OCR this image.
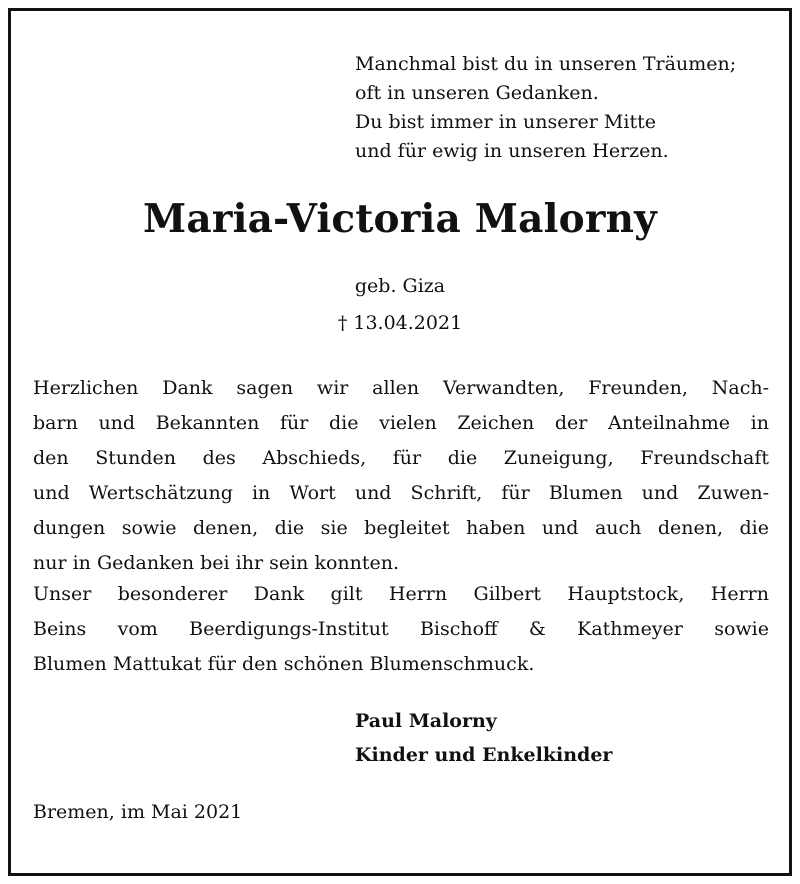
Manchmal bist du in unseren Träumen;
oft in unseren Gedanken.
Du bist immer in unserer Mitte
und für ewig in unseren Herzen.
Maria-Victoria Malorny
geb. Giza
† 13.04.2021
Herzlichen Dank sagen wir allen Verwandten, Freunden, Nach-
barn und Bekannten für die vielen Zeichen der Anteilnahme in
den Stunden des Abschieds, für die Zuneigung, Freundschaft
und Wertschätzung in Wort und Schrift, für Blumen und Zuwen-
dungen sowie denen, die sie begleitet haben und auch denen, die
nur in Gedanken bei ihr sein konnten.
Unser besonderer Dank gilt Herrn Gilbert Hauptstock, Herrn
Beins vom Beerdigungs-Institut Bischoff & Kathmeyer sowie
Blumen Mattukat für den schönen Blumenschmuck.
Paul Malorny
Kinder und Enkelkinder
Bremen, im Mai 2021
